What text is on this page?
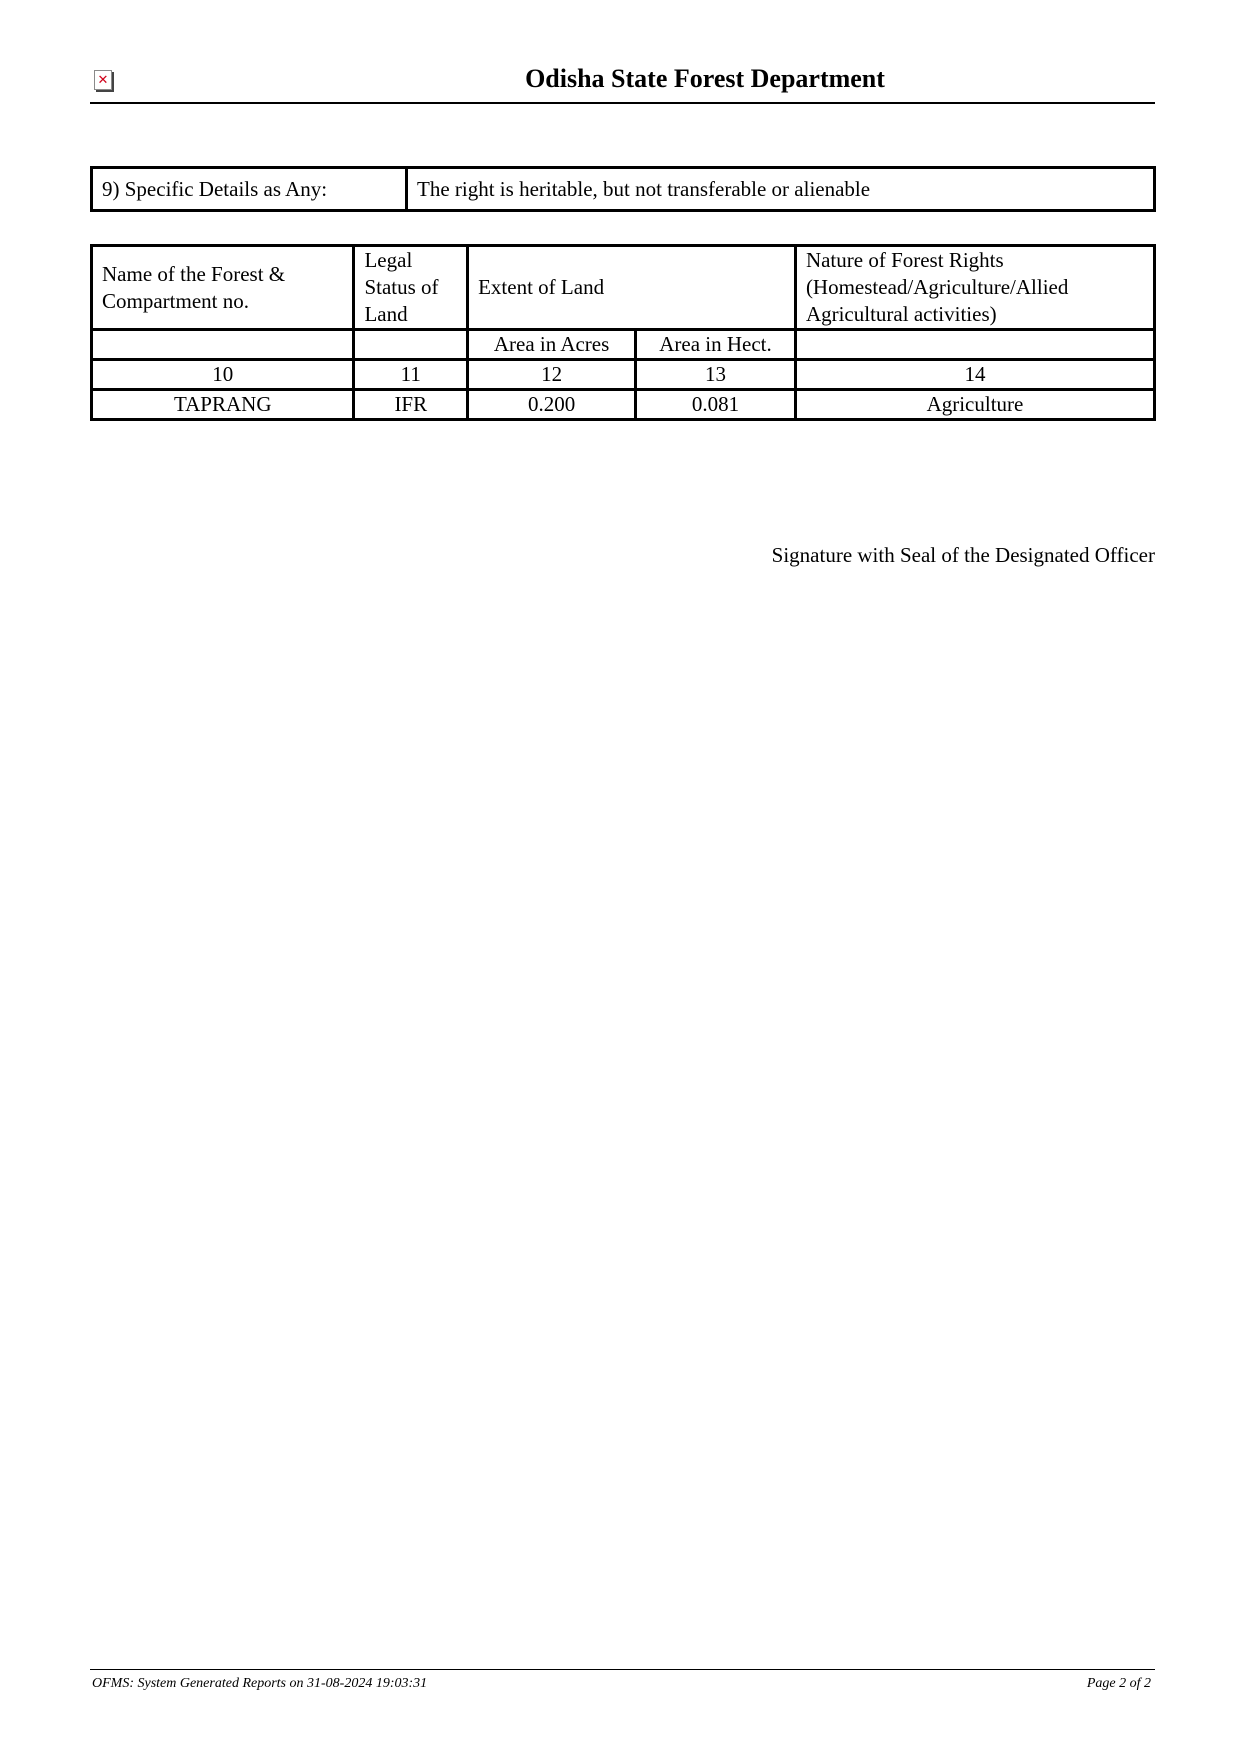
✕	Odisha State Forest Department
9) Specific Details as Any:	The right is heritable, but not transferable or alienable
Name of the Forest & Compartment no.	Legal Status of Land	Extent of Land		Nature of Forest Rights (Homestead/Agriculture/Allied Agricultural activities)
		Area in Acres	Area in Hect.	
10	11	12	13	14
TAPRANG	IFR	0.200	0.081	Agriculture
Signature with Seal of the Designated Officer
OFMS: System Generated Reports on 31-08-2024 19:03:31	Page 2 of 2
